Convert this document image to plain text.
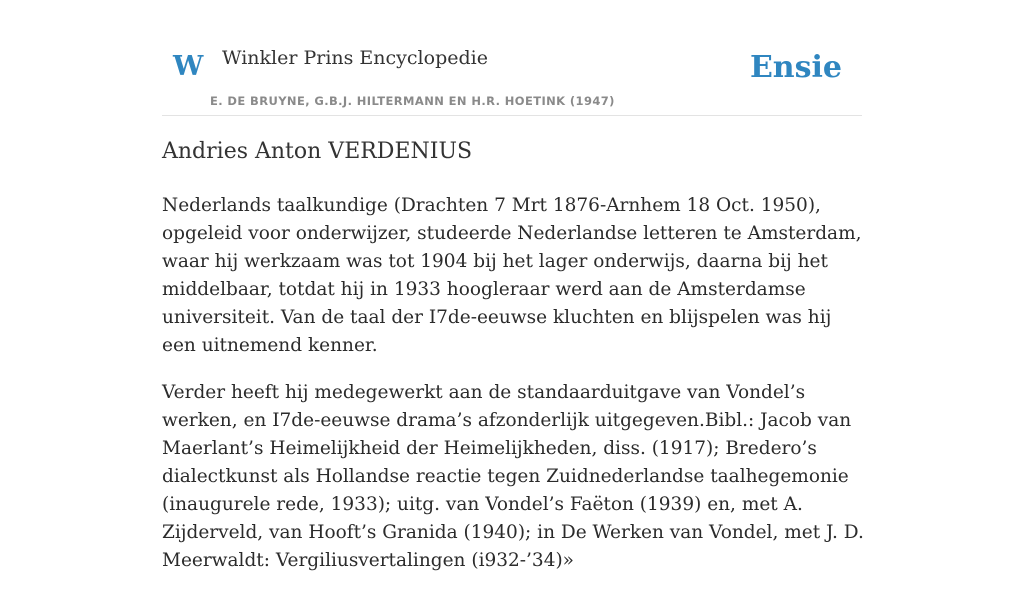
W Winkler Prins Encyclopedie
E. DE BRUYNE, G.B.J. HILTERMANN EN H.R. HOETINK (1947)
Ensie
Andries Anton VERDENIUS

Nederlands taalkundige (Drachten 7 Mrt 1876-Arnhem 18 Oct. 1950), opgeleid voor onderwijzer, studeerde Nederlandse letteren te Amsterdam, waar hij werkzaam was tot 1904 bij het lager onderwijs, daarna bij het middelbaar, totdat hij in 1933 hoogleraar werd aan de Amsterdamse universiteit. Van de taal der I7de-eeuwse kluchten en blijspelen was hij een uitnemend kenner.

Verder heeft hij medegewerkt aan de standaarduitgave van Vondel’s werken, en I7de-eeuwse drama’s afzonderlijk uitgegeven.Bibl.: Jacob van Maerlant’s Heimelijkheid der Heimelijkheden, diss. (1917); Bredero’s dialectkunst als Hollandse reactie tegen Zuidnederlandse taalhegemonie (inaugurele rede, 1933); uitg. van Vondel’s Faëton (1939) en, met A. Zijderveld, van Hooft’s Granida (1940); in De Werken van Vondel, met J. D. Meerwaldt: Vergiliusvertalingen (i932-’34)»
